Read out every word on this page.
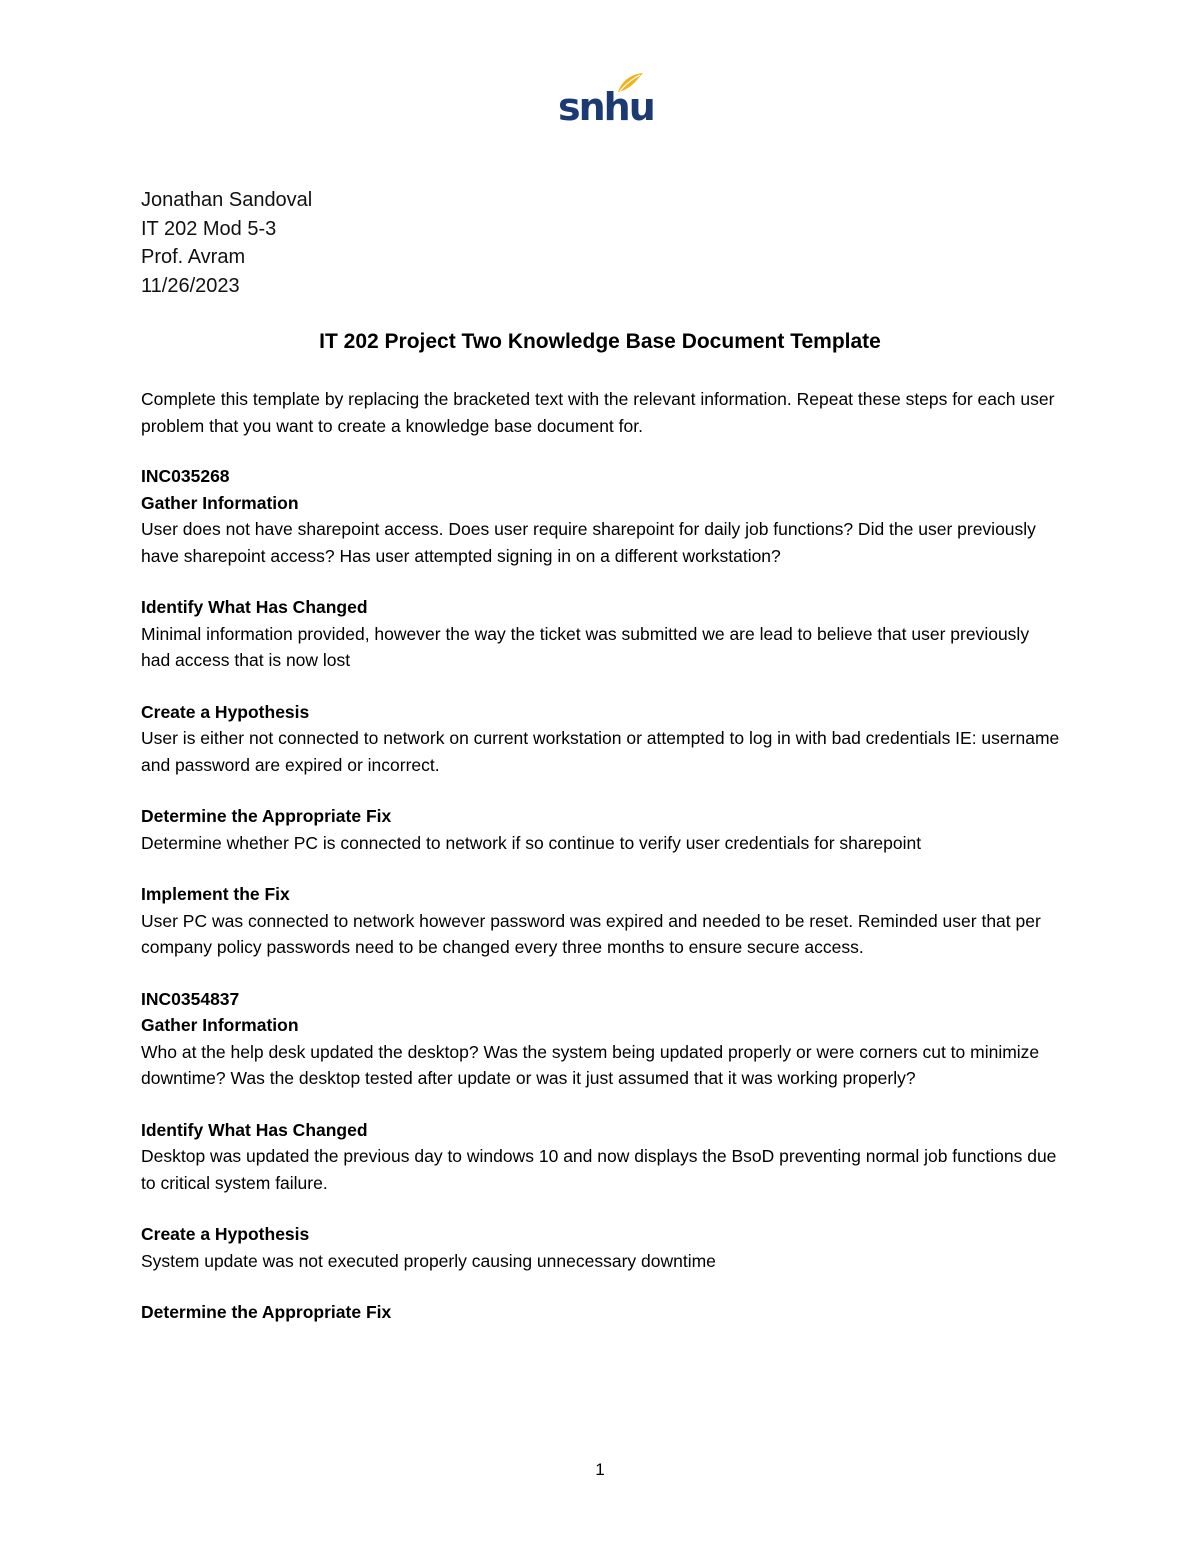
snhu
Jonathan Sandoval
IT 202 Mod 5-3
Prof. Avram
11/26/2023
IT 202 Project Two Knowledge Base Document Template
Complete this template by replacing the bracketed text with the relevant information. Repeat these steps for each user problem that you want to create a knowledge base document for.
INC035268
Gather Information
User does not have sharepoint access. Does user require sharepoint for daily job functions? Did the user previously have sharepoint access? Has user attempted signing in on a different workstation?
Identify What Has Changed
Minimal information provided, however the way the ticket was submitted we are lead to believe that user previously had access that is now lost
Create a Hypothesis
User is either not connected to network on current workstation or attempted to log in with bad credentials IE: username and password are expired or incorrect.
Determine the Appropriate Fix
Determine whether PC is connected to network if so continue to verify user credentials for sharepoint
Implement the Fix
User PC was connected to network however password was expired and needed to be reset. Reminded user that per company policy passwords need to be changed every three months to ensure secure access.
INC0354837
Gather Information
Who at the help desk updated the desktop? Was the system being updated properly or were corners cut to minimize downtime? Was the desktop tested after update or was it just assumed that it was working properly?
Identify What Has Changed
Desktop was updated the previous day to windows 10 and now displays the BsoD preventing normal job functions due to critical system failure.
Create a Hypothesis
System update was not executed properly causing unnecessary downtime
Determine the Appropriate Fix
1
